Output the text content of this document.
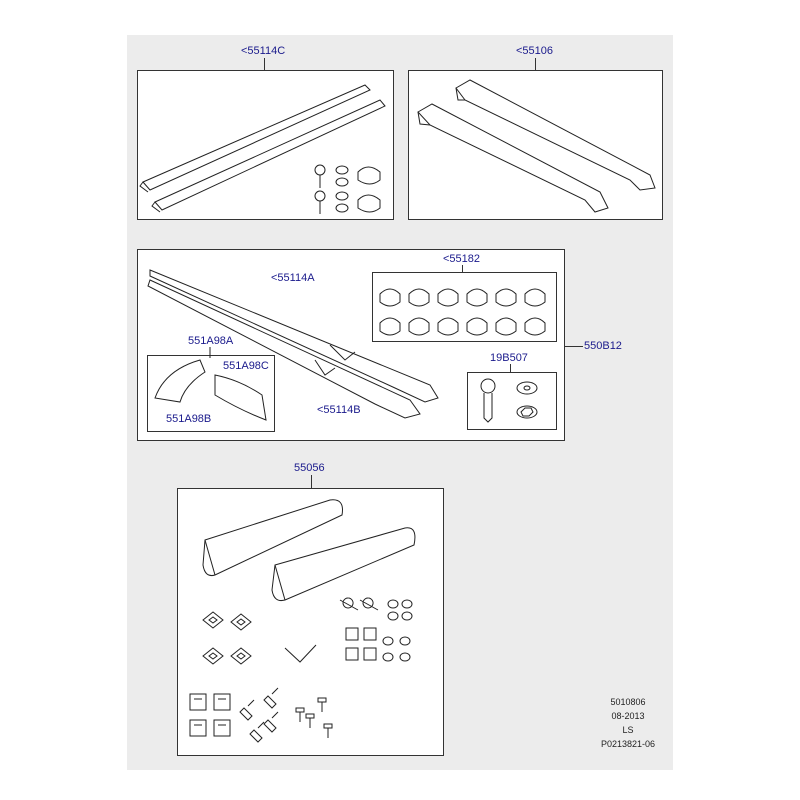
<55114C	<55106
550B12
<55114A
<55114B
<55182
19B507
551A98A
551A98C
551A98B
55056
5010806
08-2013
LS
P0213821-06
